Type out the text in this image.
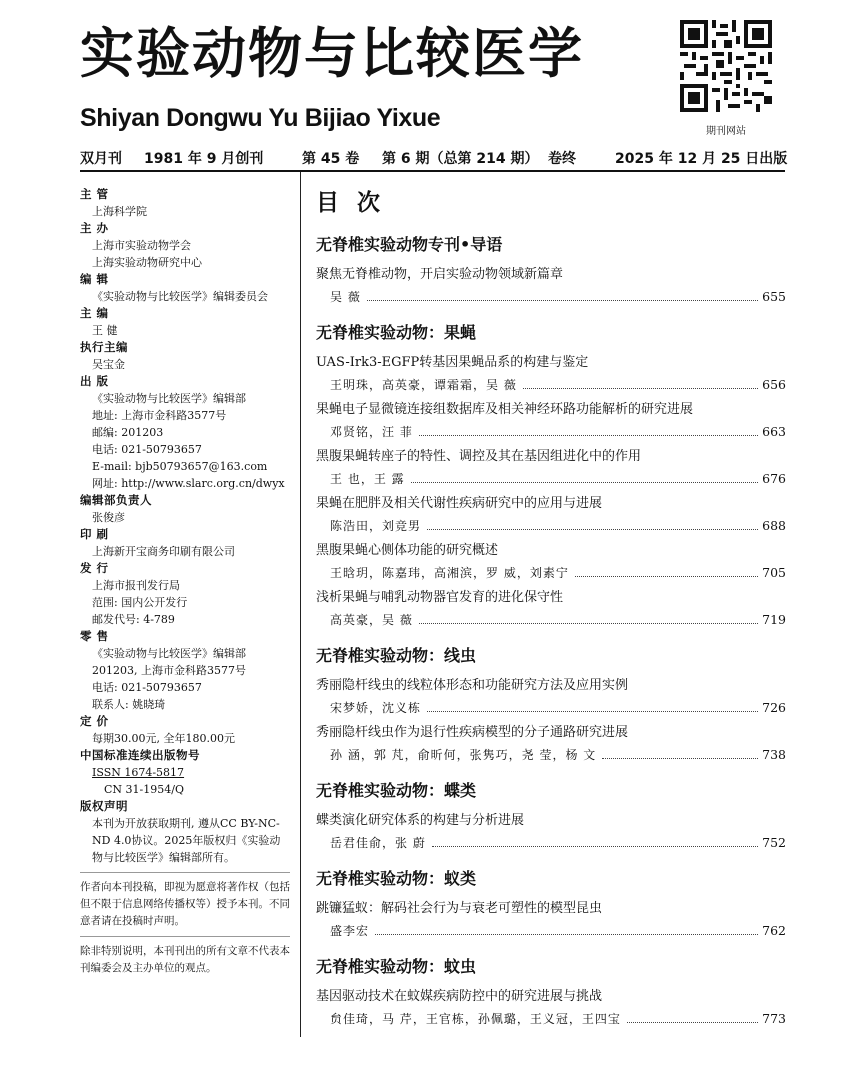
实验动物与比较医学
Shiyan Dongwu Yu Bijiao Yixue	期刊网站
双月刊 1981 年 9 月创刊	第 45 卷 第 6 期（总第 214 期） 卷终	2025 年 12 月 25 日出版
主 管
上海科学院
主 办
上海市实验动物学会
上海实验动物研究中心
编 辑
《实验动物与比较医学》编辑委员会
主 编
王 健
执行主编
吴宝金
出 版
《实验动物与比较医学》编辑部
地址: 上海市金科路3577号
邮编: 201203
电话: 021-50793657
E-mail: bjb50793657@163.com
网址: http://www.slarc.org.cn/dwyx
编辑部负责人
张俊彦
印 刷
上海新开宝商务印刷有限公司
发 行
上海市报刊发行局
范围: 国内公开发行
邮发代号: 4-789
零 售
《实验动物与比较医学》编辑部
201203, 上海市金科路3577号
电话: 021-50793657
联系人: 姚晓琦
定 价
每期30.00元, 全年180.00元
中国标准连续出版物号
ISSN 1674-5817
CN 31-1954/Q
版权声明
本刊为开放获取期刊, 遵从CC BY-NC-ND 4.0协议。2025年版权归《实验动物与比较医学》编辑部所有。
作者向本刊投稿，即视为愿意将著作权（包括但不限于信息网络传播权等）授予本刊。不同意者请在投稿时声明。
除非特别说明，本刊刊出的所有文章不代表本刊编委会及主办单位的观点。
目次
无脊椎实验动物专刊•导语
聚焦无脊椎动物，开启实验动物领域新篇章
吴 薇	655
无脊椎实验动物：果蝇
UAS-Irk3-EGFP转基因果蝇品系的构建与鉴定
王明珠，高英豪，谭霜霜，吴 薇	656
果蝇电子显微镜连接组数据库及相关神经环路功能解析的研究进展
邓贤铭，汪 菲	663
黑腹果蝇转座子的特性、调控及其在基因组进化中的作用
王 也，王 露	676
果蝇在肥胖及相关代谢性疾病研究中的应用与进展
陈浩田，刘竞男	688
黑腹果蝇心侧体功能的研究概述
王晗玥，陈嘉玮，高湘滨，罗 威，刘素宁	705
浅析果蝇与哺乳动物器官发育的进化保守性
高英豪，吴 薇	719
无脊椎实验动物：线虫
秀丽隐杆线虫的线粒体形态和功能研究方法及应用实例
宋梦娇，沈义栋	726
秀丽隐杆线虫作为退行性疾病模型的分子通路研究进展
孙 涵，郭 芃，俞昕何，张隽巧，尧 莹，杨 文	738
无脊椎实验动物：蝶类
蝶类演化研究体系的构建与分析进展
岳君佳俞，张 蔚	752
无脊椎实验动物：蚁类
跳镰猛蚁：解码社会行为与衰老可塑性的模型昆虫
盛李宏	762
无脊椎实验动物：蚊虫
基因驱动技术在蚊媒疾病防控中的研究进展与挑战
贠佳琦，马 芹，王官栋，孙佩璐，王义冠，王四宝	773
